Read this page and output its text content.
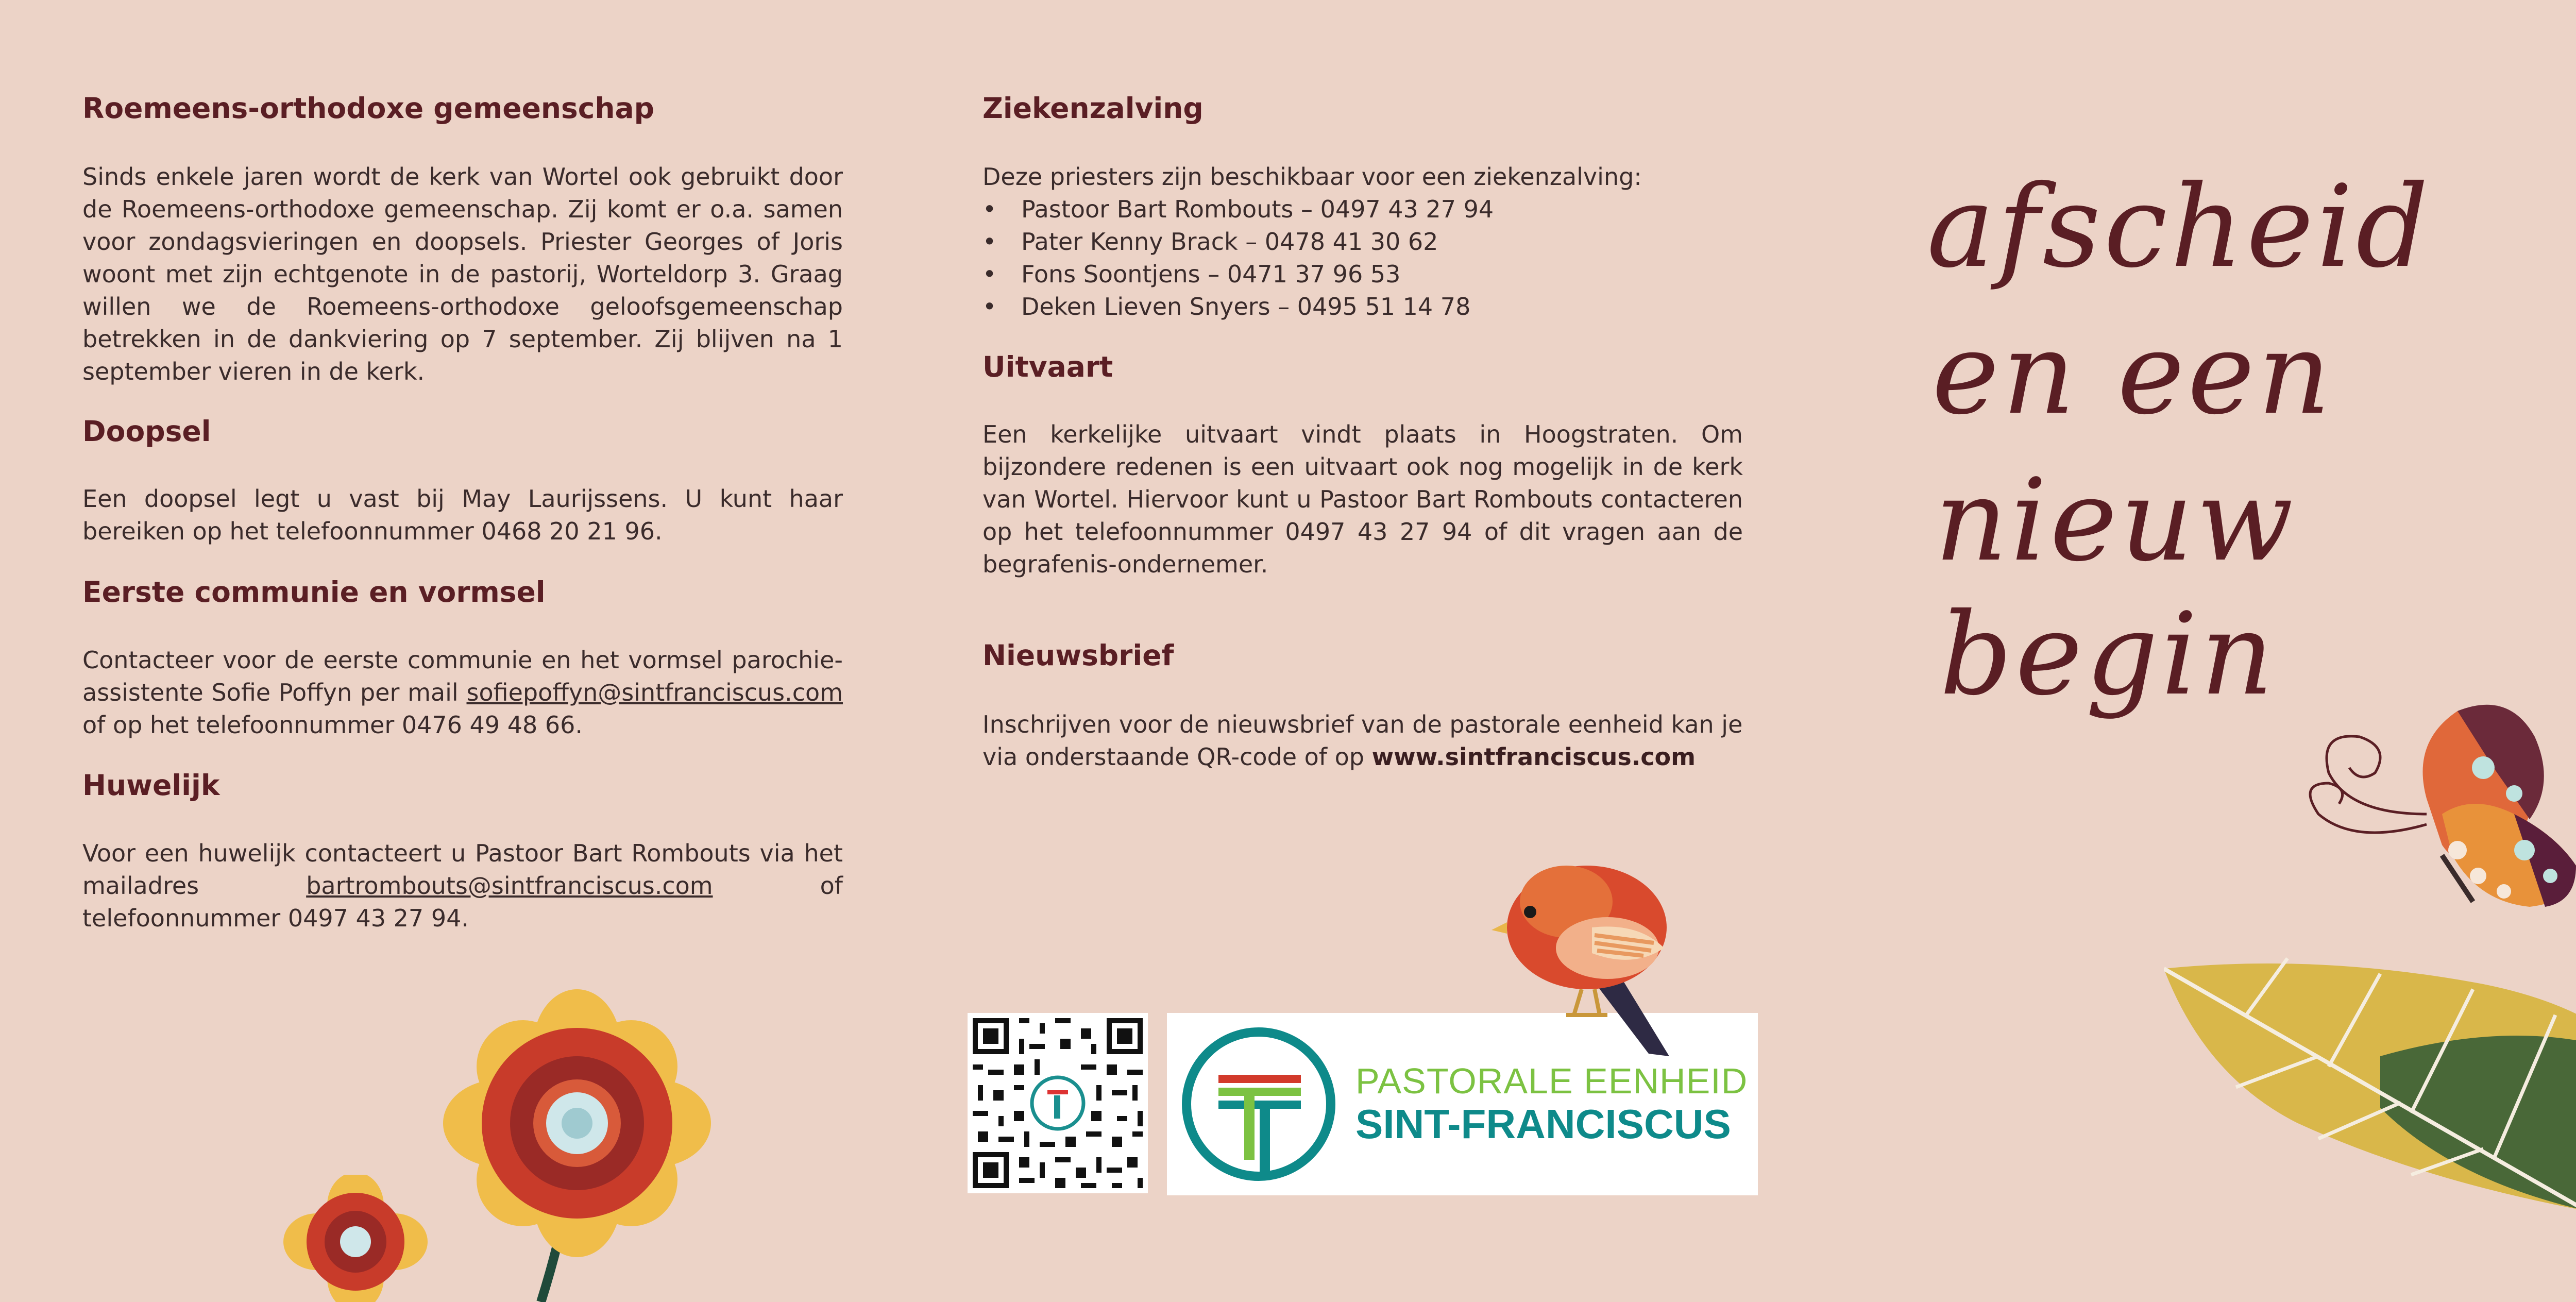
Roemeens-orthodoxe gemeenschap

Sinds enkele jaren wordt de kerk van Wortel ook gebruikt door de Roemeens-orthodoxe gemeenschap. Zij komt er o.a. samen voor zondagsvieringen en doopsels. Priester Georges of Joris woont met zijn echtgenote in de pastorij, Worteldorp 3. Graag willen we de Roemeens-orthodoxe geloofsgemeenschap betrekken in de dankviering op 7 september. Zij blijven na 1 september vieren in de kerk.

Doopsel

Een doopsel legt u vast bij May Laurijssens. U kunt haar bereiken op het telefoonnummer 0468 20 21 96.

Eerste communie en vormsel

Contacteer voor de eerste communie en het vormsel parochie-assistente Sofie Poffyn per mail sofiepoffyn@sintfranciscus.com of op het telefoonnummer 0476 49 48 66.

Huwelijk

Voor een huwelijk contacteert u Pastoor Bart Rombouts via het mailadres bartrombouts@sintfranciscus.com of telefoonnummer 0497 43 27 94.

Ziekenzalving

Deze priesters zijn beschikbaar voor een ziekenzalving:

• Pastoor Bart Rombouts – 0497 43 27 94
• Pater Kenny Brack – 0478 41 30 62
• Fons Soontjens – 0471 37 96 53
• Deken Lieven Snyers – 0495 51 14 78
Uitvaart

Een kerkelijke uitvaart vindt plaats in Hoogstraten. Om bijzondere redenen is een uitvaart ook nog mogelijk in de kerk van Wortel. Hiervoor kunt u Pastoor Bart Rombouts contacteren op het telefoonnummer 0497 43 27 94 of dit vragen aan de begrafenis-ondernemer.

Nieuwsbrief

Inschrijven voor de nieuwsbrief van de pastorale eenheid kan je via onderstaande QR-code of op www.sintfranciscus.com

PASTORALE EENHEID
SINT-FRANCISCUS
afscheid
en een
nieuw
begin
